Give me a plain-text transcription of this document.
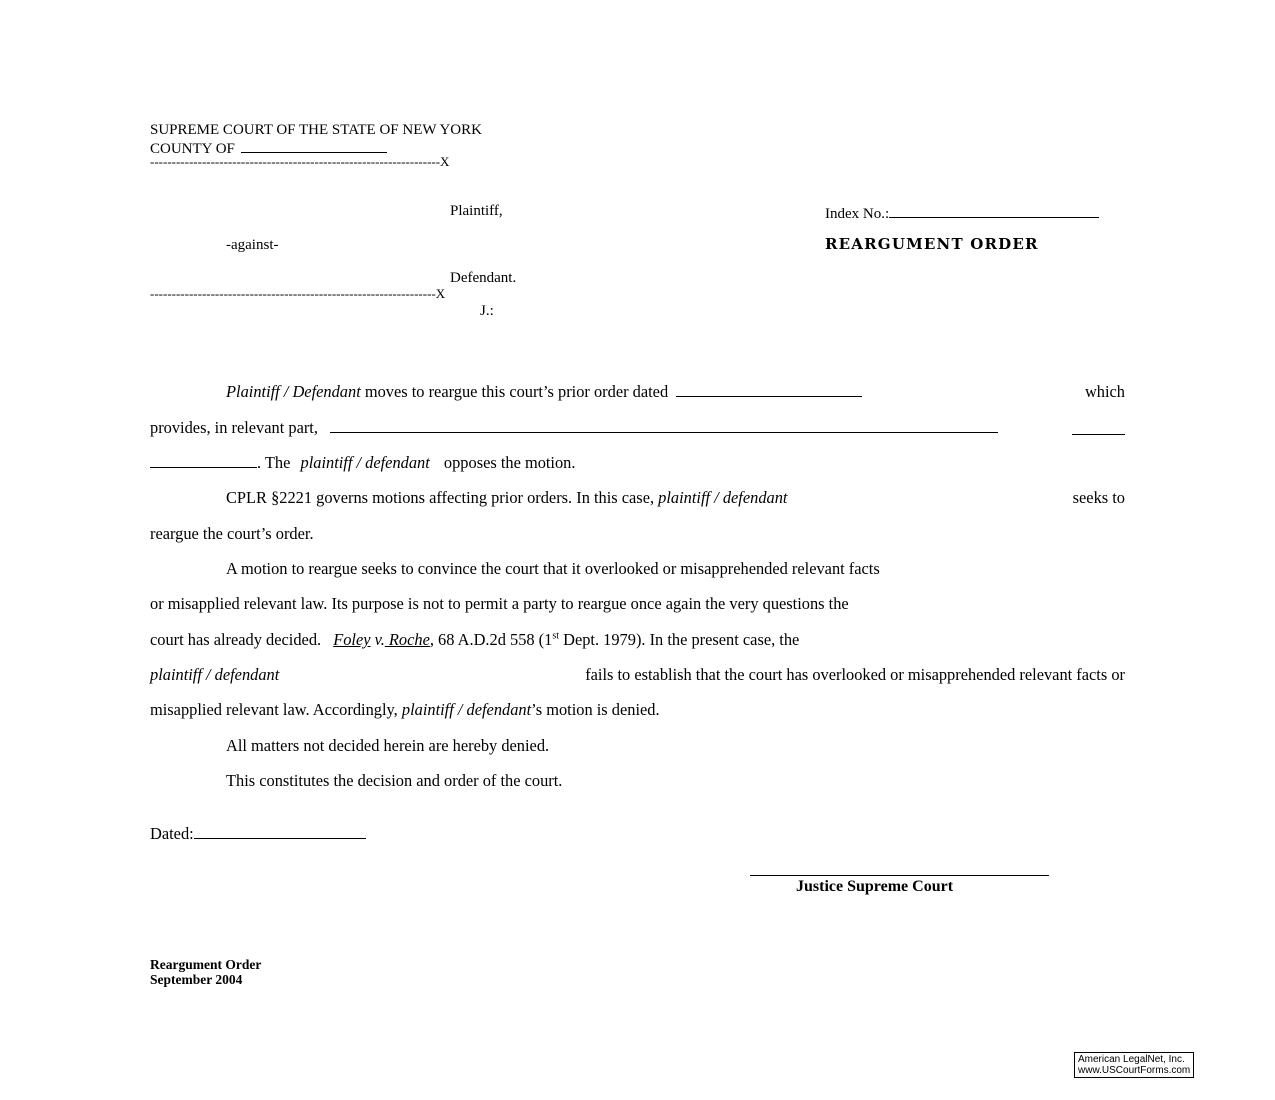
SUPREME COURT OF THE STATE OF NEW YORK
COUNTY OF
-------------------------------------------------------------------X
Plaintiff,
-against-
Defendant.
------------------------------------------------------------------X
J.:
Index No.:
REARGUMENT ORDER
Plaintiff / Defendant moves to reargue this court’s prior order dated	which
provides, in relevant part,
. The plaintiff / defendant opposes the motion.
CPLR §2221 governs motions affecting prior orders. In this case, plaintiff / defendant	seeks to
reargue the court’s order.
A motion to reargue seeks to convince the court that it overlooked or misapprehended relevant facts
or misapplied relevant law. Its purpose is not to permit a party to reargue once again the very questions the
court has already decided. Foley v. Roche, 68 A.D.2d 558 (1st Dept. 1979). In the present case, the
plaintiff / defendant	fails to establish that the court has overlooked or misapprehended relevant facts or
misapplied relevant law. Accordingly, plaintiff / defendant’s motion is denied.
All matters not decided herein are hereby denied.
This constitutes the decision and order of the court.
Dated:
Justice Supreme Court
Reargument Order
September 2004
American LegalNet, Inc.
www.USCourtForms.com
